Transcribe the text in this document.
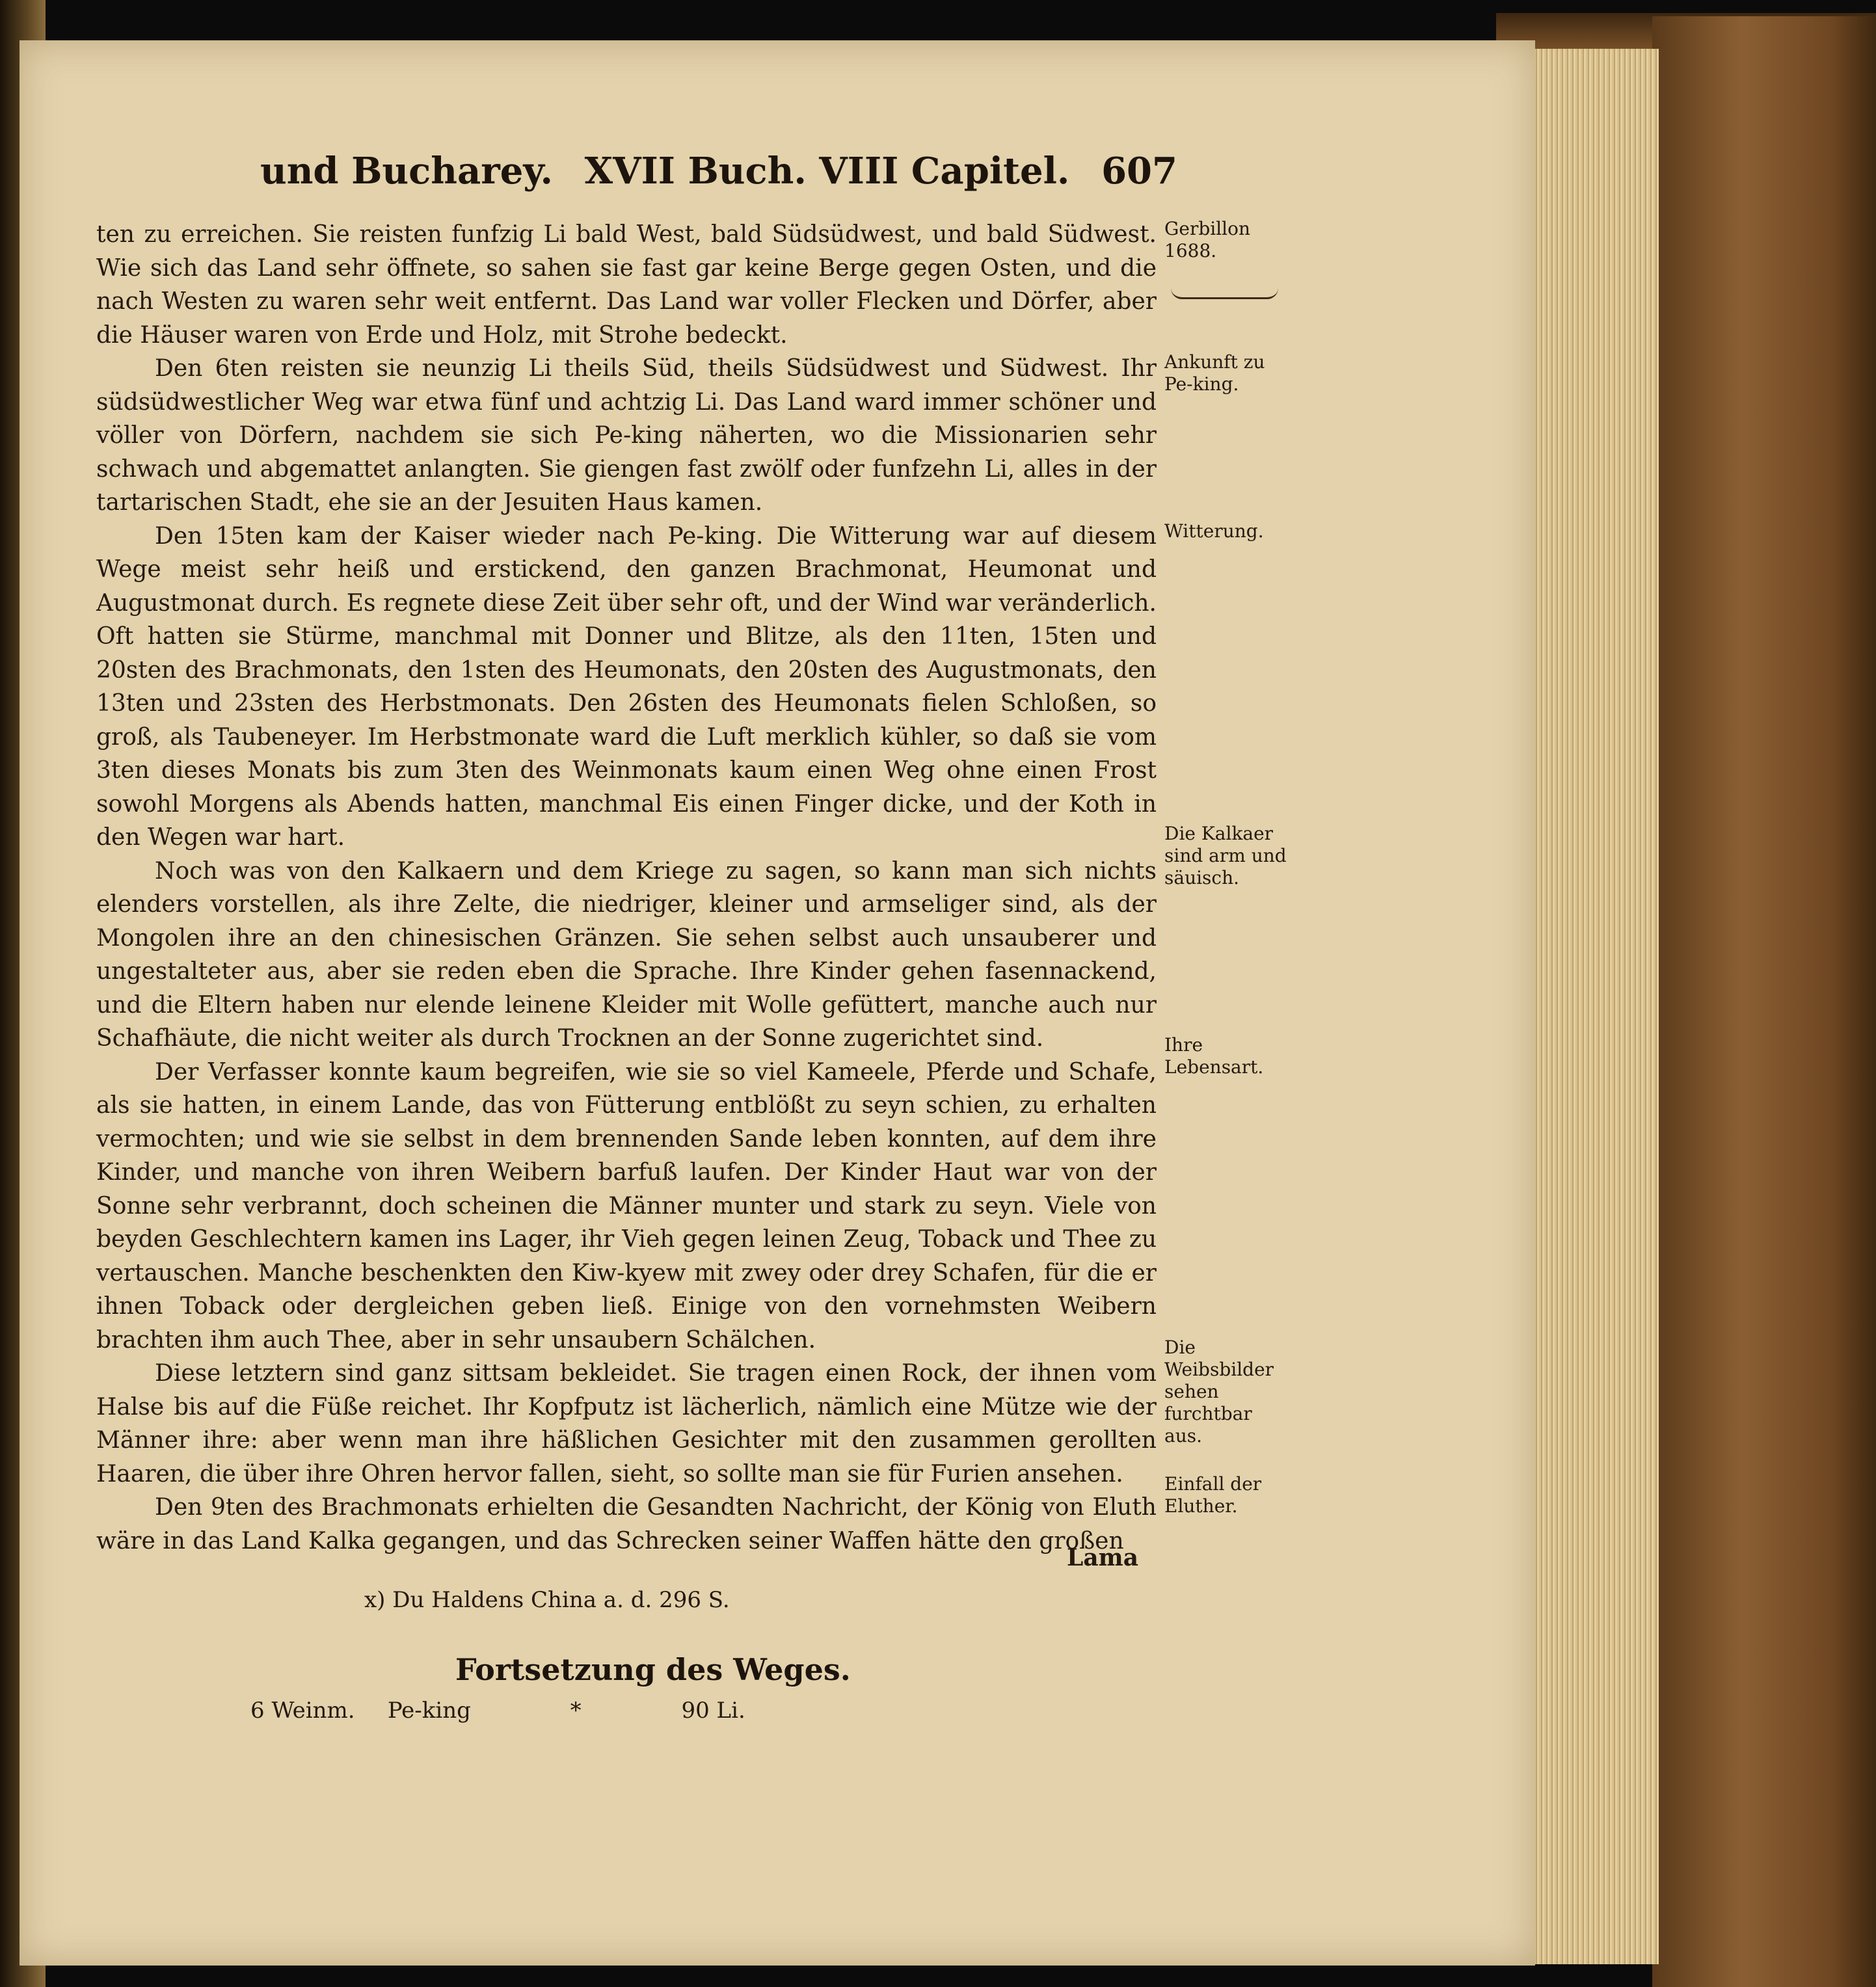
und Bucharey. XVII Buch. VIII Capitel. 607

ten zu erreichen. Sie reisten funfzig Li bald West, bald Südsüdwest, und bald Südwest. Wie sich das Land sehr öffnete, so sahen sie fast gar keine Berge gegen Osten, und die nach Westen zu waren sehr weit entfernt. Das Land war voller Flecken und Dörfer, aber die Häuser waren von Erde und Holz, mit Strohe bedeckt.

Den 6ten reisten sie neunzig Li theils Süd, theils Südsüdwest und Südwest. Ihr südsüdwestlicher Weg war etwa fünf und achtzig Li. Das Land ward immer schöner und völler von Dörfern, nachdem sie sich Pe-king näherten, wo die Missionarien sehr schwach und abgemattet anlangten. Sie giengen fast zwölf oder funfzehn Li, alles in der tartarischen Stadt, ehe sie an der Jesuiten Haus kamen.

Den 15ten kam der Kaiser wieder nach Pe-king. Die Witterung war auf diesem Wege meist sehr heiß und erstickend, den ganzen Brachmonat, Heumonat und Augustmonat durch. Es regnete diese Zeit über sehr oft, und der Wind war veränderlich. Oft hatten sie Stürme, manchmal mit Donner und Blitze, als den 11ten, 15ten und 20sten des Brachmonats, den 1sten des Heumonats, den 20sten des Augustmonats, den 13ten und 23sten des Herbstmonats. Den 26sten des Heumonats fielen Schloßen, so groß, als Taubeneyer. Im Herbstmonate ward die Luft merklich kühler, so daß sie vom 3ten dieses Monats bis zum 3ten des Weinmonats kaum einen Weg ohne einen Frost sowohl Morgens als Abends hatten, manchmal Eis einen Finger dicke, und der Koth in den Wegen war hart.

Noch was von den Kalkaern und dem Kriege zu sagen, so kann man sich nichts elenders vorstellen, als ihre Zelte, die niedriger, kleiner und armseliger sind, als der Mongolen ihre an den chinesischen Gränzen. Sie sehen selbst auch unsauberer und ungestalteter aus, aber sie reden eben die Sprache. Ihre Kinder gehen fasennackend, und die Eltern haben nur elende leinene Kleider mit Wolle gefüttert, manche auch nur Schafhäute, die nicht weiter als durch Trocknen an der Sonne zugerichtet sind.

Der Verfasser konnte kaum begreifen, wie sie so viel Kameele, Pferde und Schafe, als sie hatten, in einem Lande, das von Fütterung entblößt zu seyn schien, zu erhalten vermochten; und wie sie selbst in dem brennenden Sande leben konnten, auf dem ihre Kinder, und manche von ihren Weibern barfuß laufen. Der Kinder Haut war von der Sonne sehr verbrannt, doch scheinen die Männer munter und stark zu seyn. Viele von beyden Geschlechtern kamen ins Lager, ihr Vieh gegen leinen Zeug, Toback und Thee zu vertauschen. Manche beschenkten den Kiw-kyew mit zwey oder drey Schafen, für die er ihnen Toback oder dergleichen geben ließ. Einige von den vornehmsten Weibern brachten ihm auch Thee, aber in sehr unsaubern Schälchen.

Diese letztern sind ganz sittsam bekleidet. Sie tragen einen Rock, der ihnen vom Halse bis auf die Füße reichet. Ihr Kopfputz ist lächerlich, nämlich eine Mütze wie der Männer ihre: aber wenn man ihre häßlichen Gesichter mit den zusammen gerollten Haaren, die über ihre Ohren hervor fallen, sieht, so sollte man sie für Furien ansehen.

Den 9ten des Brachmonats erhielten die Gesandten Nachricht, der König von Eluth wäre in das Land Kalka gegangen, und das Schrecken seiner Waffen hätte den großen

Lama
Gerbillon 1688.
Ankunft zu Pe-king.
Witterung.
Die Kalkaer sind arm und säuisch.
Ihre Lebensart.
Die Weibsbilder sehen furchtbar aus.
Einfall der Eluther.
x) Du Haldens China a. d. 296 S.
Fortsetzung des Weges.
6 Weinm. Pe-king	*	90 Li.
